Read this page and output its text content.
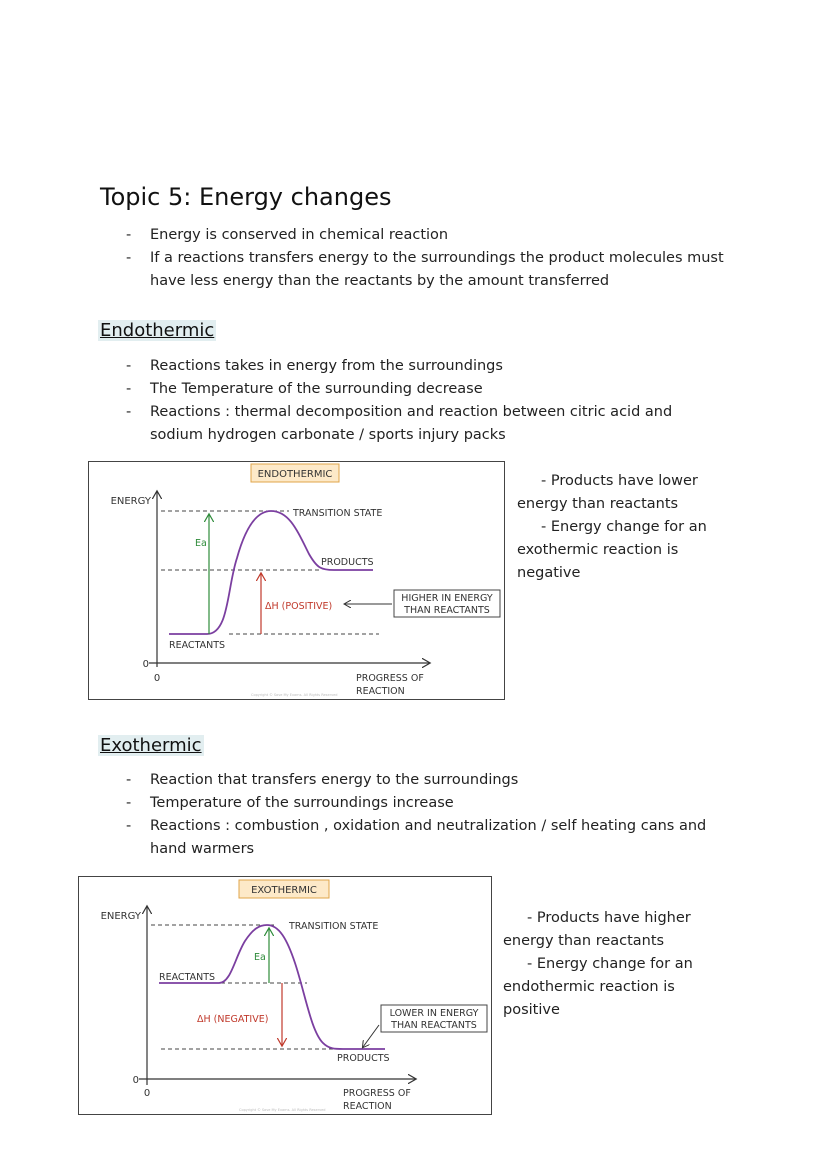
Topic 5: Energy changes
- Energy is conserved in chemical reaction
- If a reactions transfers energy to the surroundings the product molecules must
have less energy than the reactants by the amount transferred
Endothermic
- Reactions takes in energy from the surroundings
- The Temperature of the surrounding decrease
- Reactions : thermal decomposition and reaction between citric acid and
sodium hydrogen carbonate / sports injury packs
ENDOTHERMIC
ENERGY
0
0
Ea
ΔH (POSITIVE)
TRANSITION STATE
PRODUCTS
REACTANTS
HIGHER IN ENERGY
THAN REACTANTS
PROGRESS OF
REACTION
Copyright © Save My Exams. All Rights Reserved

- Products have lower

energy than reactants

- Energy change for an

exothermic reaction is

negative

Exothermic
- Reaction that transfers energy to the surroundings
- Temperature of the surroundings increase
- Reactions : combustion , oxidation and neutralization / self heating cans and
hand warmers
EXOTHERMIC
ENERGY
0
0
Ea
ΔH (NEGATIVE)
TRANSITION STATE
REACTANTS
PRODUCTS
LOWER IN ENERGY
THAN REACTANTS
PROGRESS OF
REACTION
Copyright © Save My Exams. All Rights Reserved

- Products have higher

energy than reactants

- Energy change for an

endothermic reaction is

positive
